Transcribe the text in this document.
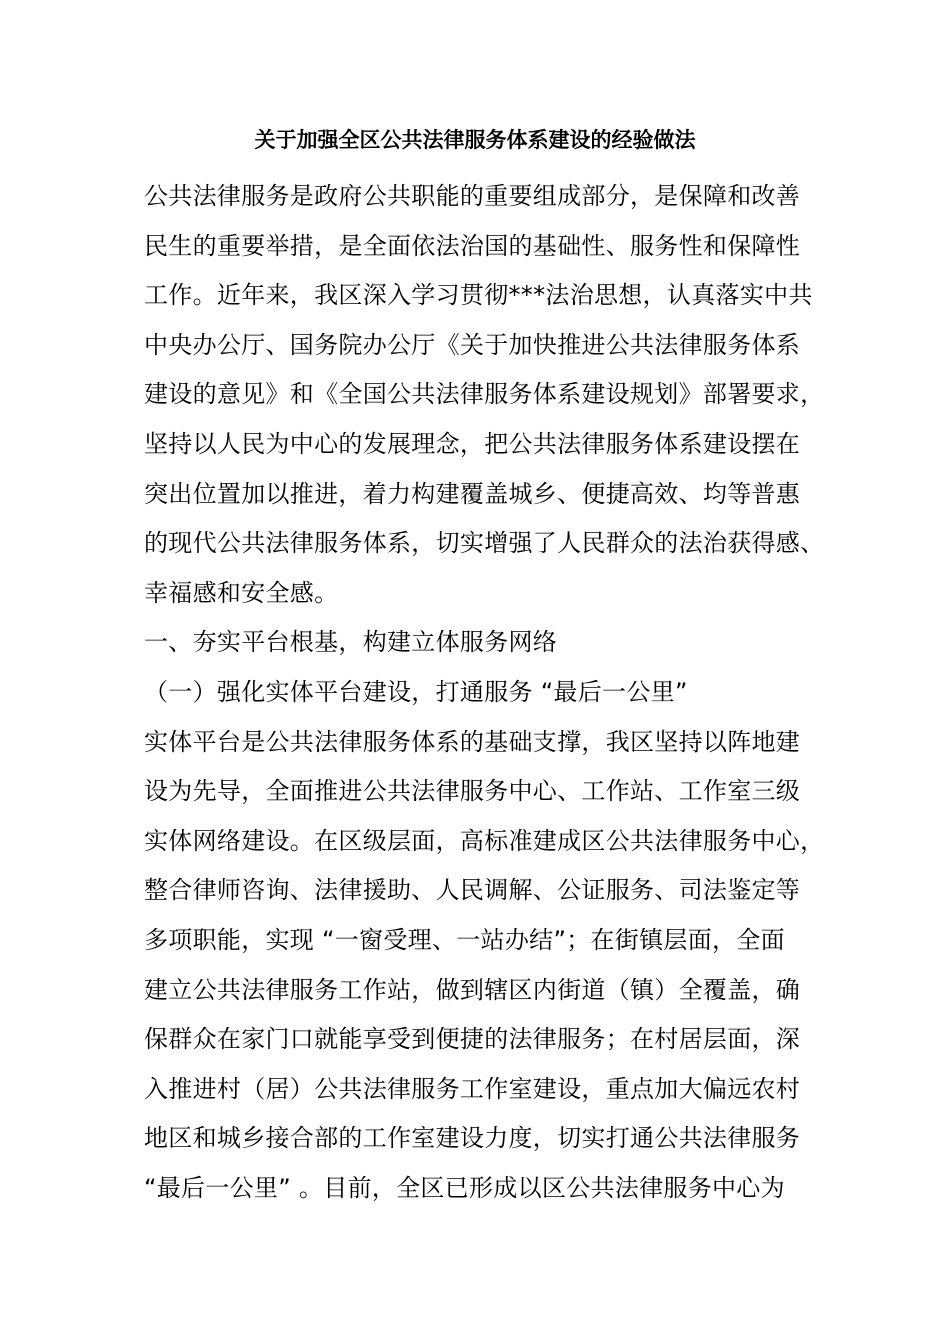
关于加强全区公共法律服务体系建设的经验做法
公共法律服务是政府公共职能的重要组成部分，是保障和改善
民生的重要举措，是全面依法治国的基础性、服务性和保障性
工作。近年来，我区深入学习贯彻***法治思想，认真落实中共
中央办公厅、国务院办公厅《关于加快推进公共法律服务体系
建设的意见》和《全国公共法律服务体系建设规划》部署要求，
坚持以人民为中心的发展理念，把公共法律服务体系建设摆在
突出位置加以推进，着力构建覆盖城乡、便捷高效、均等普惠
的现代公共法律服务体系，切实增强了人民群众的法治获得感、
幸福感和安全感。
一、夯实平台根基，构建立体服务网络
（一）强化实体平台建设，打通服务 “最后一公里”
实体平台是公共法律服务体系的基础支撑，我区坚持以阵地建
设为先导，全面推进公共法律服务中心、工作站、工作室三级
实体网络建设。在区级层面，高标准建成区公共法律服务中心，
整合律师咨询、法律援助、人民调解、公证服务、司法鉴定等
多项职能，实现 “一窗受理、一站办结”；在街镇层面，全面
建立公共法律服务工作站，做到辖区内街道（镇）全覆盖，确
保群众在家门口就能享受到便捷的法律服务；在村居层面，深
入推进村（居）公共法律服务工作室建设，重点加大偏远农村
地区和城乡接合部的工作室建设力度，切实打通公共法律服务
“最后一公里” 。目前，全区已形成以区公共法律服务中心为
